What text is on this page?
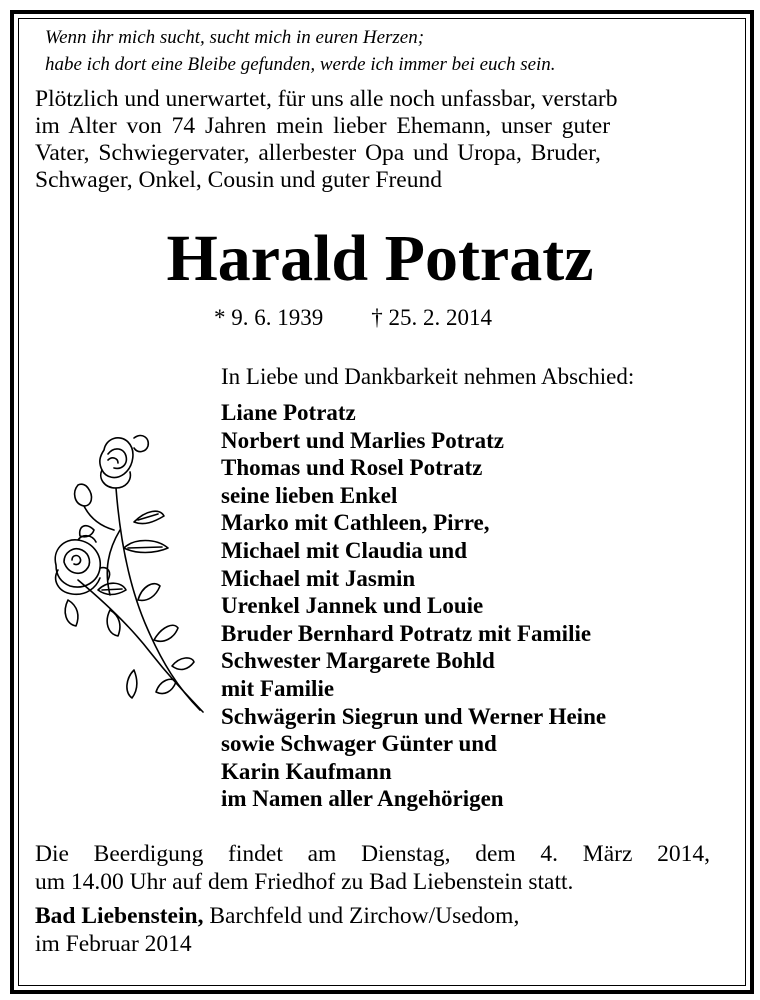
Wenn ihr mich sucht, sucht mich in euren Herzen;
habe ich dort eine Bleibe gefunden, werde ich immer bei euch sein.
Plötzlich und unerwartet, für uns alle noch unfassbar, verstarb
im Alter von 74 Jahren mein lieber Ehemann, unser guter
Vater, Schwiegervater, allerbester Opa und Uropa, Bruder,
Schwager, Onkel, Cousin und guter Freund
Harald Potratz
* 9. 6. 1939 † 25. 2. 2014
In Liebe und Dankbarkeit nehmen Abschied:
Liane Potratz
Norbert und Marlies Potratz
Thomas und Rosel Potratz
seine lieben Enkel
Marko mit Cathleen, Pirre,
Michael mit Claudia und
Michael mit Jasmin
Urenkel Jannek und Louie
Bruder Bernhard Potratz mit Familie
Schwester Margarete Bohld
mit Familie
Schwägerin Siegrun und Werner Heine
sowie Schwager Günter und
Karin Kaufmann
im Namen aller Angehörigen
Die Beerdigung findet am Dienstag, dem 4. März 2014,
um 14.00 Uhr auf dem Friedhof zu Bad Liebenstein statt.
Bad Liebenstein, Barchfeld und Zirchow/Usedom,
im Februar 2014
